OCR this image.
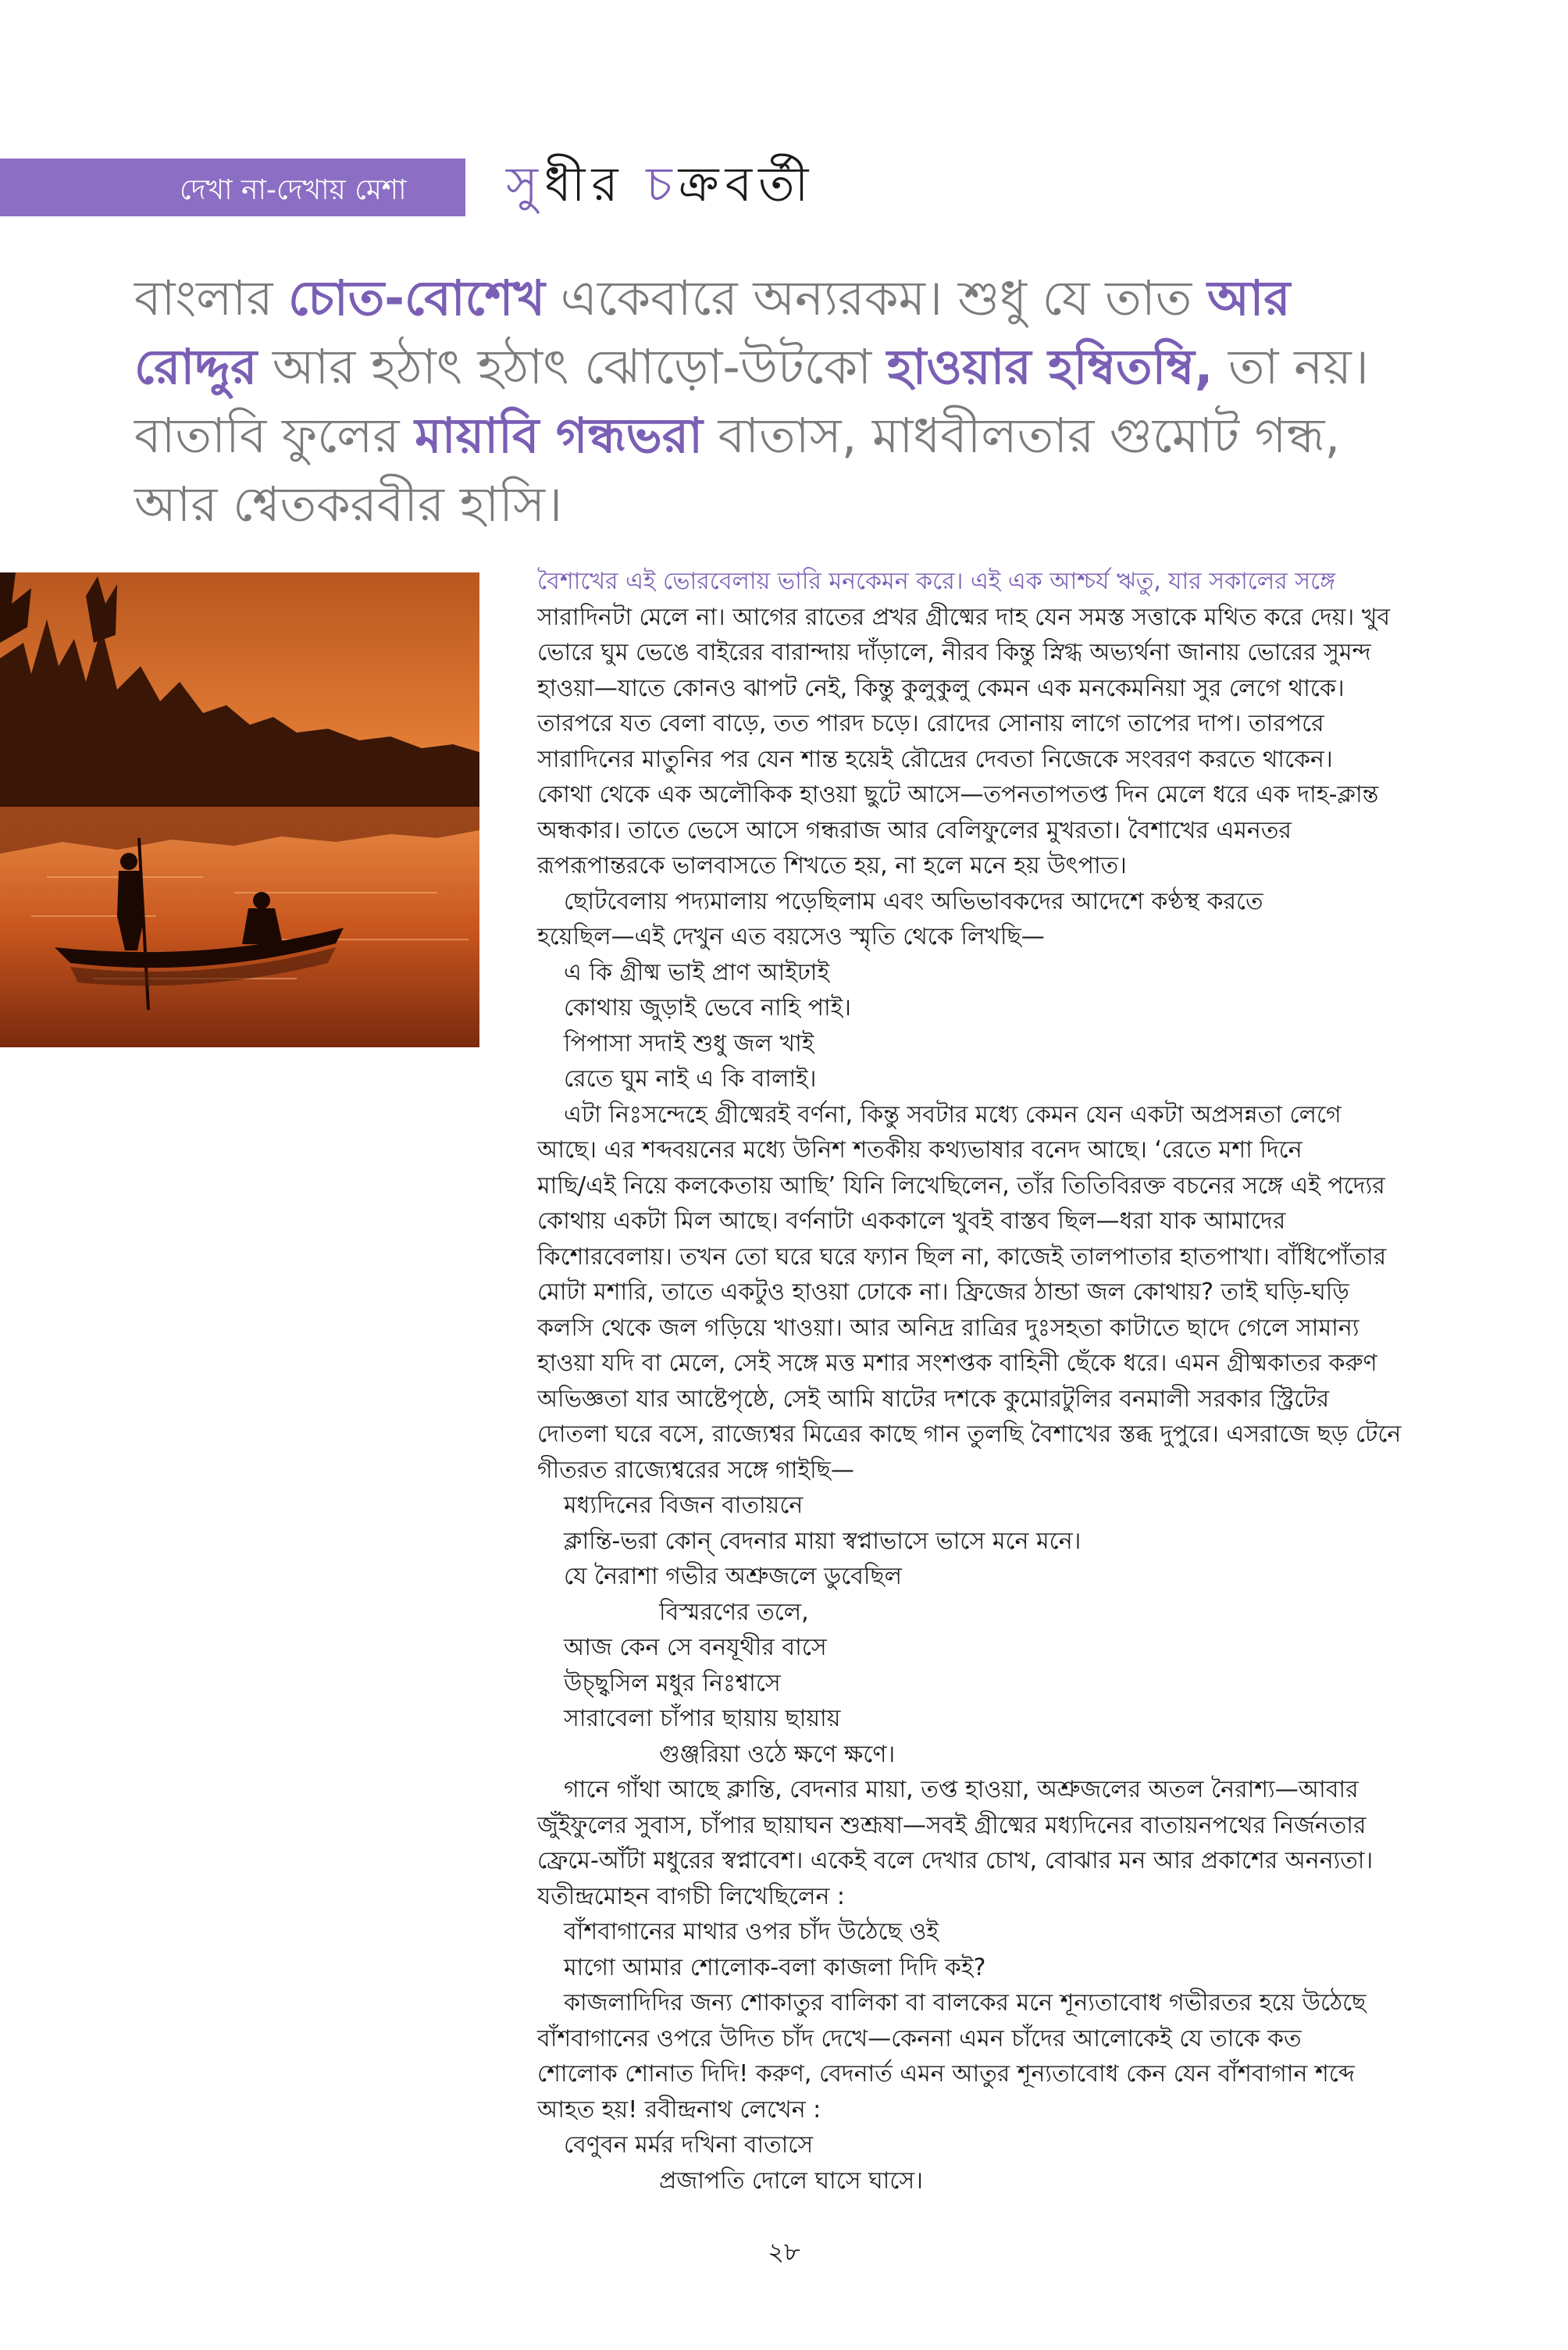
দেখা না-দেখায় মেশা সুধীর চক্রবর্তী
বাংলার চোত-বোশেখ একেবারে অন্যরকম। শুধু যে তাত আর
রোদ্দুর আর হঠাৎ হঠাৎ ঝোড়ো-উটকো হাওয়ার হম্বিতম্বি, তা নয়।
বাতাবি ফুলের মায়াবি গন্ধভরা বাতাস, মাধবীলতার গুমোট গন্ধ,
আর শ্বেতকরবীর হাসি।
বৈশাখের এই ভোরবেলায় ভারি মনকেমন করে। এই এক আশ্চর্য ঋতু, যার সকালের সঙ্গে
সারাদিনটা মেলে না। আগের রাতের প্রখর গ্রীষ্মের দাহ যেন সমস্ত সত্তাকে মথিত করে দেয়। খুব
ভোরে ঘুম ভেঙে বাইরের বারান্দায় দাঁড়ালে, নীরব কিন্তু স্নিগ্ধ অভ্যর্থনা জানায় ভোরের সুমন্দ
হাওয়া—যাতে কোনও ঝাপট নেই, কিন্তু কুলুকুলু কেমন এক মনকেমনিয়া সুর লেগে থাকে।
তারপরে যত বেলা বাড়ে, তত পারদ চড়ে। রোদের সোনায় লাগে তাপের দাপ। তারপরে
সারাদিনের মাতুনির পর যেন শান্ত হয়েই রৌদ্রের দেবতা নিজেকে সংবরণ করতে থাকেন।
কোথা থেকে এক অলৌকিক হাওয়া ছুটে আসে—তপনতাপতপ্ত দিন মেলে ধরে এক দাহ-ক্লান্ত
অন্ধকার। তাতে ভেসে আসে গন্ধরাজ আর বেলিফুলের মুখরতা। বৈশাখের এমনতর
রূপরূপান্তরকে ভালবাসতে শিখতে হয়, না হলে মনে হয় উৎপাত।
ছোটবেলায় পদ্যমালায় পড়েছিলাম এবং অভিভাবকদের আদেশে কণ্ঠস্থ করতে
হয়েছিল—এই দেখুন এত বয়সেও স্মৃতি থেকে লিখছি—
এ কি গ্রীষ্ম ভাই প্রাণ আইঢাই
কোথায় জুড়াই ভেবে নাহি পাই।
পিপাসা সদাই শুধু জল খাই
রেতে ঘুম নাই এ কি বালাই।
এটা নিঃসন্দেহে গ্রীষ্মেরই বর্ণনা, কিন্তু সবটার মধ্যে কেমন যেন একটা অপ্রসন্নতা লেগে
আছে। এর শব্দবয়নের মধ্যে উনিশ শতকীয় কথ্যভাষার বনেদ আছে। ‘রেতে মশা দিনে
মাছি/এই নিয়ে কলকেতায় আছি’ যিনি লিখেছিলেন, তাঁর তিতিবিরক্ত বচনের সঙ্গে এই পদ্যের
কোথায় একটা মিল আছে। বর্ণনাটা এককালে খুবই বাস্তব ছিল—ধরা যাক আমাদের
কিশোরবেলায়। তখন তো ঘরে ঘরে ফ্যান ছিল না, কাজেই তালপাতার হাতপাখা। বাঁধিপোঁতার
মোটা মশারি, তাতে একটুও হাওয়া ঢোকে না। ফ্রিজের ঠান্ডা জল কোথায়? তাই ঘড়ি-ঘড়ি
কলসি থেকে জল গড়িয়ে খাওয়া। আর অনিদ্র রাত্রির দুঃসহতা কাটাতে ছাদে গেলে সামান্য
হাওয়া যদি বা মেলে, সেই সঙ্গে মত্ত মশার সংশপ্তক বাহিনী ছেঁকে ধরে। এমন গ্রীষ্মকাতর করুণ
অভিজ্ঞতা যার আষ্টেপৃষ্ঠে, সেই আমি ষাটের দশকে কুমোরটুলির বনমালী সরকার স্ট্রিটের
দোতলা ঘরে বসে, রাজ্যেশ্বর মিত্রের কাছে গান তুলছি বৈশাখের স্তব্ধ দুপুরে। এসরাজে ছড় টেনে
গীতরত রাজ্যেশ্বরের সঙ্গে গাইছি—
মধ্যদিনের বিজন বাতায়নে
ক্লান্তি-ভরা কোন্ বেদনার মায়া স্বপ্নাভাসে ভাসে মনে মনে।
যে নৈরাশা গভীর অশ্রুজলে ডুবেছিল
বিস্মরণের তলে,
আজ কেন সে বনযূথীর বাসে
উচ্ছ্বসিল মধুর নিঃশ্বাসে
সারাবেলা চাঁপার ছায়ায় ছায়ায়
গুঞ্জরিয়া ওঠে ক্ষণে ক্ষণে।
গানে গাঁথা আছে ক্লান্তি, বেদনার মায়া, তপ্ত হাওয়া, অশ্রুজলের অতল নৈরাশ্য—আবার
জুঁইফুলের সুবাস, চাঁপার ছায়াঘন শুশ্রূষা—সবই গ্রীষ্মের মধ্যদিনের বাতায়নপথের নির্জনতার
ফ্রেমে-আঁটা মধুরের স্বপ্নাবেশ। একেই বলে দেখার চোখ, বোঝার মন আর প্রকাশের অনন্যতা।
যতীন্দ্রমোহন বাগচী লিখেছিলেন :
বাঁশবাগানের মাথার ওপর চাঁদ উঠেছে ওই
মাগো আমার শোলোক-বলা কাজলা দিদি কই?
কাজলাদিদির জন্য শোকাতুর বালিকা বা বালকের মনে শূন্যতাবোধ গভীরতর হয়ে উঠেছে
বাঁশবাগানের ওপরে উদিত চাঁদ দেখে—কেননা এমন চাঁদের আলোকেই যে তাকে কত
শোলোক শোনাত দিদি! করুণ, বেদনার্ত এমন আতুর শূন্যতাবোধ কেন যেন বাঁশবাগান শব্দে
আহত হয়! রবীন্দ্রনাথ লেখেন :
বেণুবন মর্মর দখিনা বাতাসে
প্রজাপতি দোলে ঘাসে ঘাসে।
২৮
